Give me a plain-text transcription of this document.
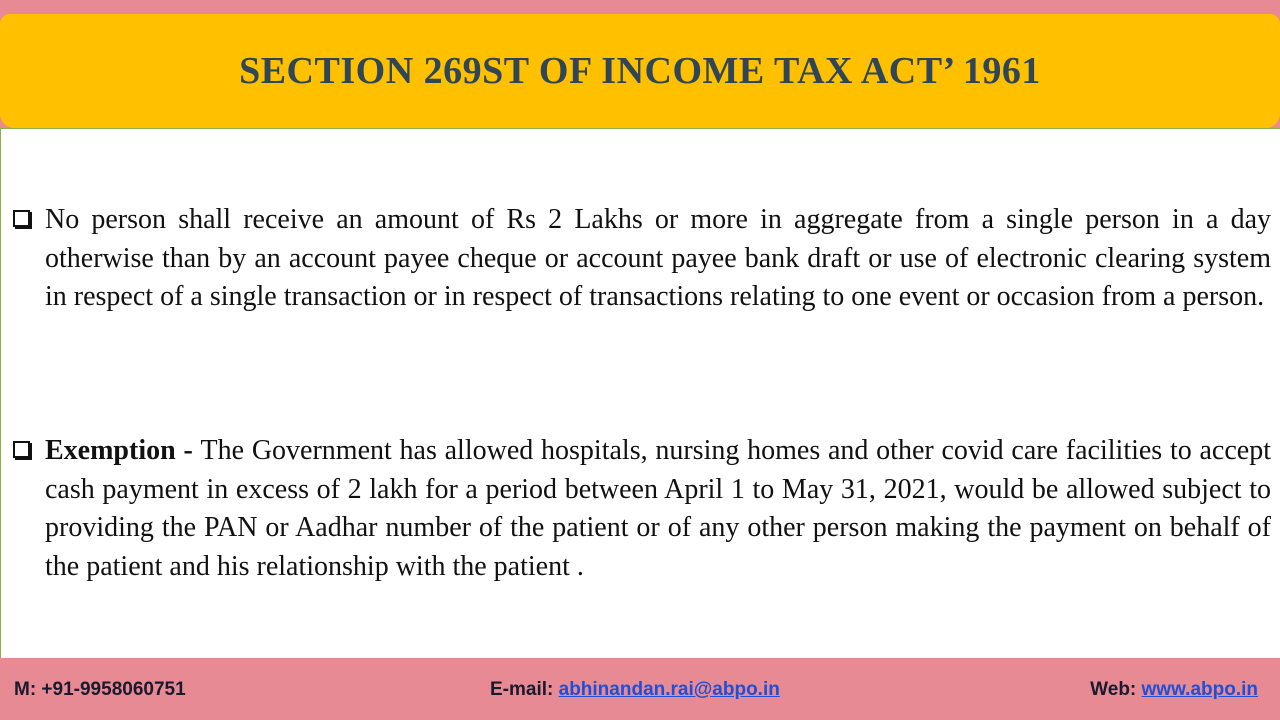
SECTION 269ST OF INCOME TAX ACT’ 1961
No person shall receive an amount of Rs 2 Lakhs or more in aggregate from a single person in a day otherwise than by an account payee cheque or account payee bank draft or use of electronic clearing system in respect of a single transaction or in respect of transactions relating to one event or occasion from a person.
Exemption - The Government has allowed hospitals, nursing homes and other covid care facilities to accept cash payment in excess of 2 lakh for a period between April 1 to May 31, 2021, would be allowed subject to providing the PAN or Aadhar number of the patient or of any other person making the payment on behalf of the patient and his relationship with the patient .
M: +91-9958060751	E-mail: abhinandan.rai@abpo.in	Web: www.abpo.in
